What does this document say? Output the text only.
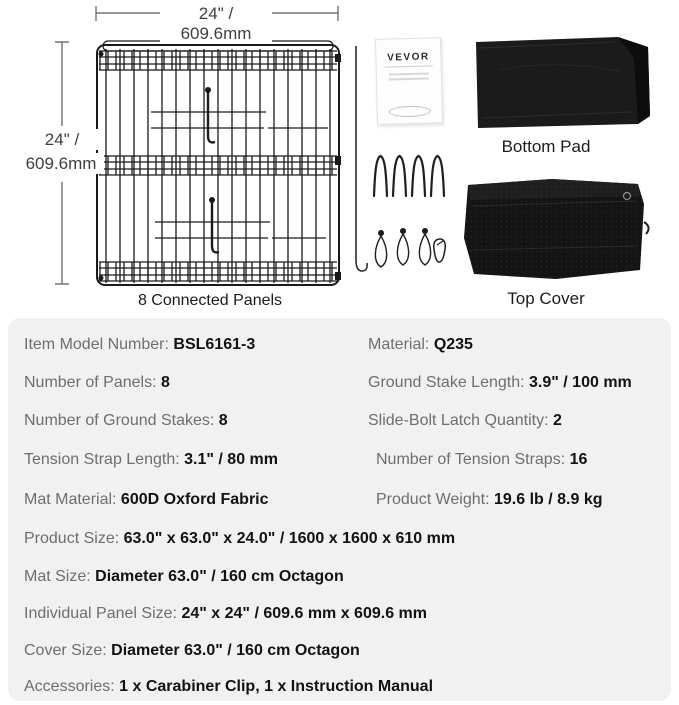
24" /
609.6mm
24" /
609.6mm
VEVOR
8 Connected Panels
Bottom Pad
Top Cover
Item Model Number: BSL6161-3	Material: Q235
Number of Panels: 8	Ground Stake Length: 3.9" / 100 mm
Number of Ground Stakes: 8	Slide-Bolt Latch Quantity: 2
Tension Strap Length: 3.1" / 80 mm	Number of Tension Straps: 16
Mat Material: 600D Oxford Fabric	Product Weight: 19.6 lb / 8.9 kg
Product Size: 63.0" x 63.0" x 24.0" / 1600 x 1600 x 610 mm
Mat Size: Diameter 63.0" / 160 cm Octagon
Individual Panel Size: 24" x 24" / 609.6 mm x 609.6 mm
Cover Size: Diameter 63.0" / 160 cm Octagon
Accessories: 1 x Carabiner Clip, 1 x Instruction Manual
